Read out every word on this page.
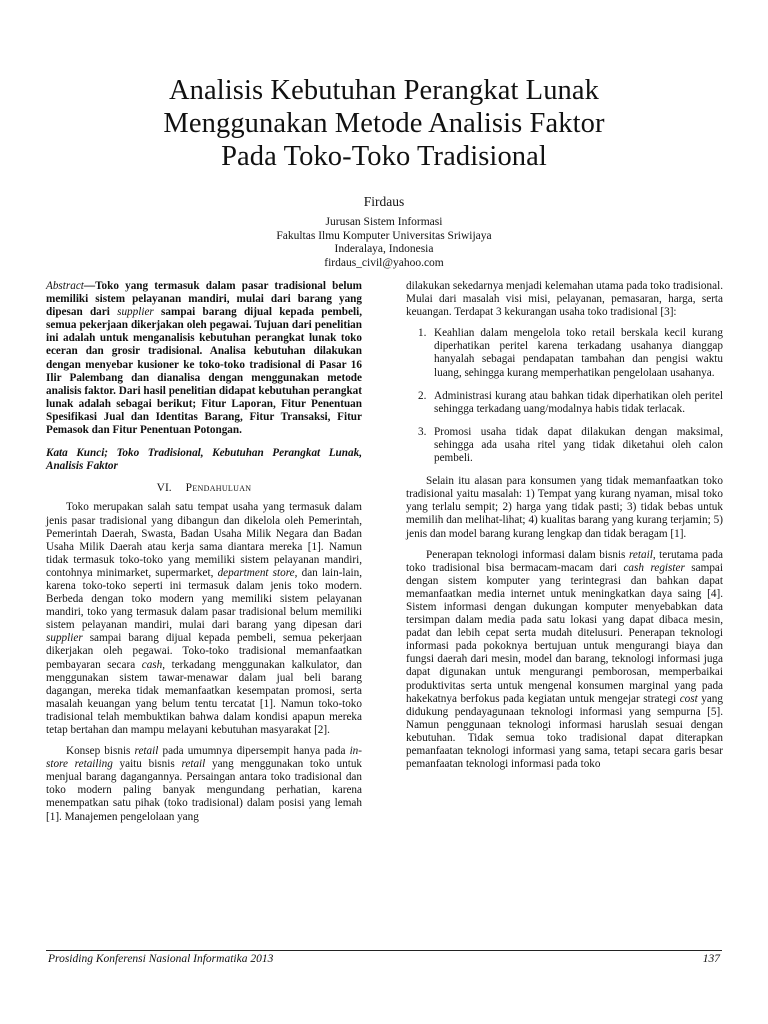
Analisis Kebutuhan Perangkat Lunak
Menggunakan Metode Analisis Faktor
Pada Toko-Toko Tradisional
Firdaus
Jurusan Sistem Informasi
Fakultas Ilmu Komputer Universitas Sriwijaya
Inderalaya, Indonesia
firdaus_civil@yahoo.com
Abstract—Toko yang termasuk dalam pasar tradisional belum memiliki sistem pelayanan mandiri, mulai dari barang yang dipesan dari supplier sampai barang dijual kepada pembeli, semua pekerjaan dikerjakan oleh pegawai. Tujuan dari penelitian ini adalah untuk menganalisis kebutuhan perangkat lunak toko eceran dan grosir tradisional. Analisa kebutuhan dilakukan dengan menyebar kusioner ke toko-toko tradisional di Pasar 16 Ilir Palembang dan dianalisa dengan menggunakan metode analisis faktor. Dari hasil penelitian didapat kebutuhan perangkat lunak adalah sebagai berikut; Fitur Laporan, Fitur Penentuan Spesifikasi Jual dan Identitas Barang, Fitur Transaksi, Fitur Pemasok dan Fitur Penentuan Potongan.
Kata Kunci; Toko Tradisional, Kebutuhan Perangkat Lunak, Analisis Faktor
VI. Pendahuluan

Toko merupakan salah satu tempat usaha yang termasuk dalam jenis pasar tradisional yang dibangun dan dikelola oleh Pemerintah, Pemerintah Daerah, Swasta, Badan Usaha Milik Negara dan Badan Usaha Milik Daerah atau kerja sama diantara mereka [1]. Namun tidak termasuk toko-toko yang memiliki sistem pelayanan mandiri, contohnya minimarket, supermarket, department store, dan lain-lain, karena toko-toko seperti ini termasuk dalam jenis toko modern. Berbeda dengan toko modern yang memiliki sistem pelayanan mandiri, toko yang termasuk dalam pasar tradisional belum memiliki sistem pelayanan mandiri, mulai dari barang yang dipesan dari supplier sampai barang dijual kepada pembeli, semua pekerjaan dikerjakan oleh pegawai. Toko-toko tradisional memanfaatkan pembayaran secara cash, terkadang menggunakan kalkulator, dan menggunakan sistem tawar-menawar dalam jual beli barang dagangan, mereka tidak memanfaatkan kesempatan promosi, serta masalah keuangan yang belum tentu tercatat [1]. Namun toko-toko tradisional telah membuktikan bahwa dalam kondisi apapun mereka tetap bertahan dan mampu melayani kebutuhan masyarakat [2].

Konsep bisnis retail pada umumnya dipersempit hanya pada in-store retailing yaitu bisnis retail yang menggunakan toko untuk menjual barang dagangannya. Persaingan antara toko tradisional dan toko modern paling banyak mengundang perhatian, karena menempatkan satu pihak (toko tradisional) dalam posisi yang lemah [1]. Manajemen pengelolaan yang

dilakukan sekedarnya menjadi kelemahan utama pada toko tradisional. Mulai dari masalah visi misi, pelayanan, pemasaran, harga, serta keuangan. Terdapat 3 kekurangan usaha toko tradisional [3]:

1. Keahlian dalam mengelola toko retail berskala kecil kurang diperhatikan peritel karena terkadang usahanya dianggap hanyalah sebagai pendapatan tambahan dan pengisi waktu luang, sehingga kurang memperhatikan pengelolaan usahanya.
2. Administrasi kurang atau bahkan tidak diperhatikan oleh peritel sehingga terkadang uang/modalnya habis tidak terlacak.
3. Promosi usaha tidak dapat dilakukan dengan maksimal, sehingga ada usaha ritel yang tidak diketahui oleh calon pembeli.

Selain itu alasan para konsumen yang tidak memanfaatkan toko tradisional yaitu masalah: 1) Tempat yang kurang nyaman, misal toko yang terlalu sempit; 2) harga yang tidak pasti; 3) tidak bebas untuk memilih dan melihat-lihat; 4) kualitas barang yang kurang terjamin; 5) jenis dan model barang kurang lengkap dan tidak beragam [1].

Penerapan teknologi informasi dalam bisnis retail, terutama pada toko tradisional bisa bermacam-macam dari cash register sampai dengan sistem komputer yang terintegrasi dan bahkan dapat memanfaatkan media internet untuk meningkatkan daya saing [4]. Sistem informasi dengan dukungan komputer menyebabkan data tersimpan dalam media pada satu lokasi yang dapat dibaca mesin, padat dan lebih cepat serta mudah ditelusuri. Penerapan teknologi informasi pada pokoknya bertujuan untuk mengurangi biaya dan fungsi daerah dari mesin, model dan barang, teknologi informasi juga dapat digunakan untuk mengurangi pemborosan, memperbaikai produktivitas serta untuk mengenal konsumen marginal yang pada hakekatnya berfokus pada kegiatan untuk mengejar strategi cost yang didukung pendayagunaan teknologi informasi yang sempurna [5]. Namun penggunaan teknologi informasi haruslah sesuai dengan kebutuhan. Tidak semua toko tradisional dapat diterapkan pemanfaatan teknologi informasi yang sama, tetapi secara garis besar pemanfaatan teknologi informasi pada toko

Prosiding Konferensi Nasional Informatika 2013	137
